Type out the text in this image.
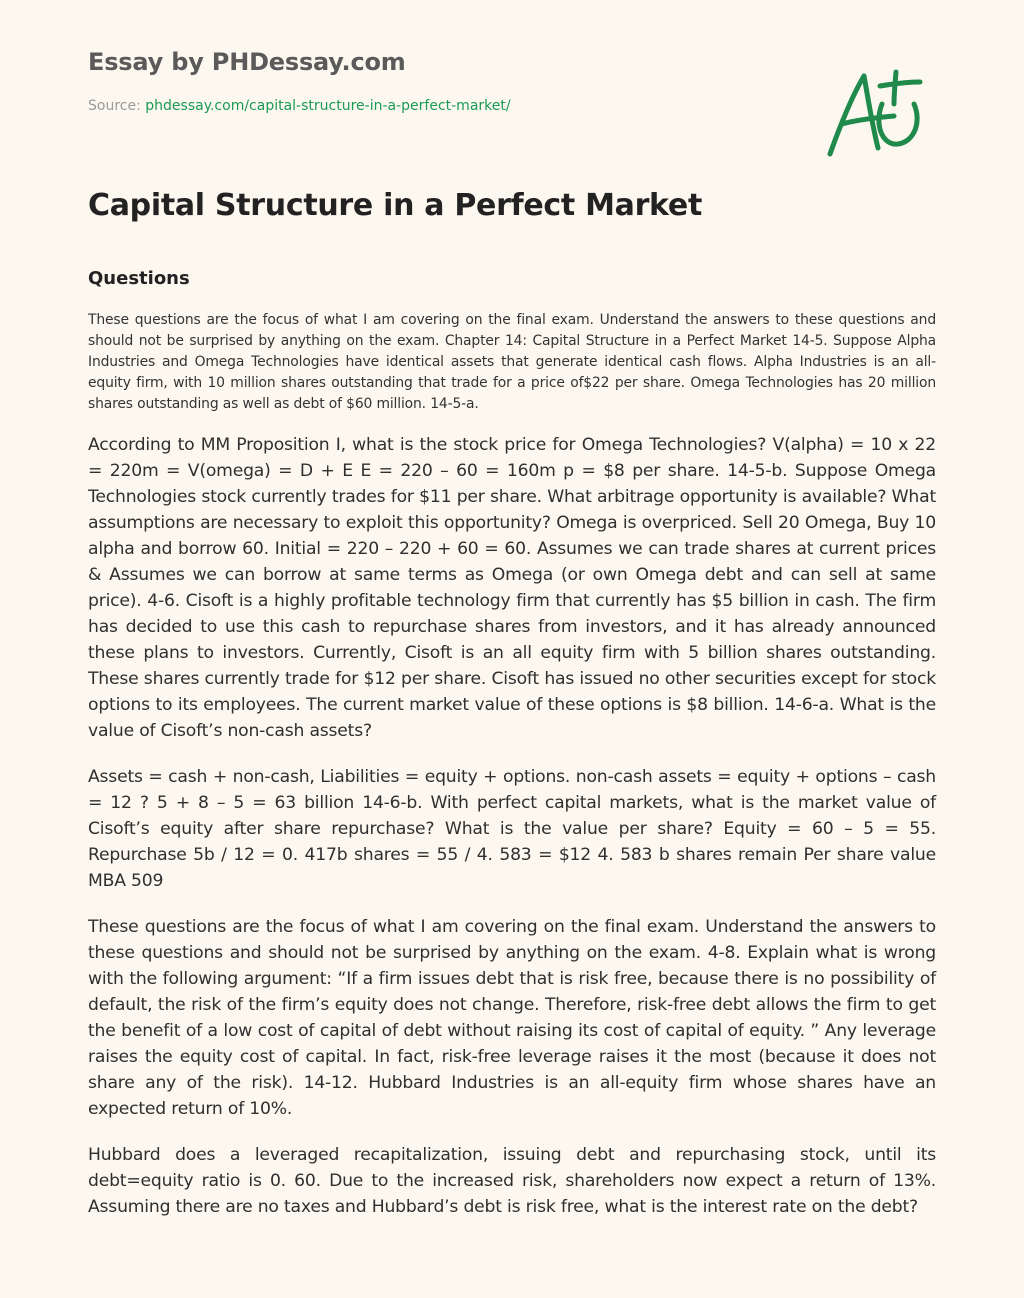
Essay by PHDessay.com
Source: phdessay.com/capital-structure-in-a-perfect-market/
Capital Structure in a Perfect Market
Questions

These questions are the focus of what I am covering on the final exam. Understand the answers to these questions and should not be surprised by anything on the exam. Chapter 14: Capital Structure in a Perfect Market 14-5. Suppose Alpha Industries and Omega Technologies have identical assets that generate identical cash flows. Alpha Industries is an all-equity firm, with 10 million shares outstanding that trade for a price of$22 per share. Omega Technologies has 20 million shares outstanding as well as debt of $60 million. 14-5-a.

According to MM Proposition I, what is the stock price for Omega Technologies? V(alpha) = 10 x 22 = 220m = V(omega) = D + E E = 220 – 60 = 160m p = $8 per share. 14-5-b. Suppose Omega Technologies stock currently trades for $11 per share. What arbitrage opportunity is available? What assumptions are necessary to exploit this opportunity? Omega is overpriced. Sell 20 Omega, Buy 10 alpha and borrow 60. Initial = 220 – 220 + 60 = 60. Assumes we can trade shares at current prices & Assumes we can borrow at same terms as Omega (or own Omega debt and can sell at same price). 4-6. Cisoft is a highly profitable technology firm that currently has $5 billion in cash. The firm has decided to use this cash to repurchase shares from investors, and it has already announced these plans to investors. Currently, Cisoft is an all equity firm with 5 billion shares outstanding. These shares currently trade for $12 per share. Cisoft has issued no other securities except for stock options to its employees. The current market value of these options is $8 billion. 14-6-a. What is the value of Cisoft’s non-cash assets?

Assets = cash + non-cash, Liabilities = equity + options. non-cash assets = equity + options – cash = 12 ? 5 + 8 – 5 = 63 billion 14-6-b. With perfect capital markets, what is the market value of Cisoft’s equity after share repurchase? What is the value per share? Equity = 60 – 5 = 55. Repurchase 5b / 12 = 0. 417b shares = 55 / 4. 583 = $12 4. 583 b shares remain Per share value MBA 509

These questions are the focus of what I am covering on the final exam. Understand the answers to these questions and should not be surprised by anything on the exam. 4-8. Explain what is wrong with the following argument: “If a firm issues debt that is risk free, because there is no possibility of default, the risk of the firm’s equity does not change. Therefore, risk-free debt allows the firm to get the benefit of a low cost of capital of debt without raising its cost of capital of equity. ” Any leverage raises the equity cost of capital. In fact, risk-free leverage raises it the most (because it does not share any of the risk). 14-12. Hubbard Industries is an all-equity firm whose shares have an expected return of 10%.

Hubbard does a leveraged recapitalization, issuing debt and repurchasing stock, until its debt=equity ratio is 0. 60. Due to the increased risk, shareholders now expect a return of 13%. Assuming there are no taxes and Hubbard’s debt is risk free, what is the interest rate on the debt?
